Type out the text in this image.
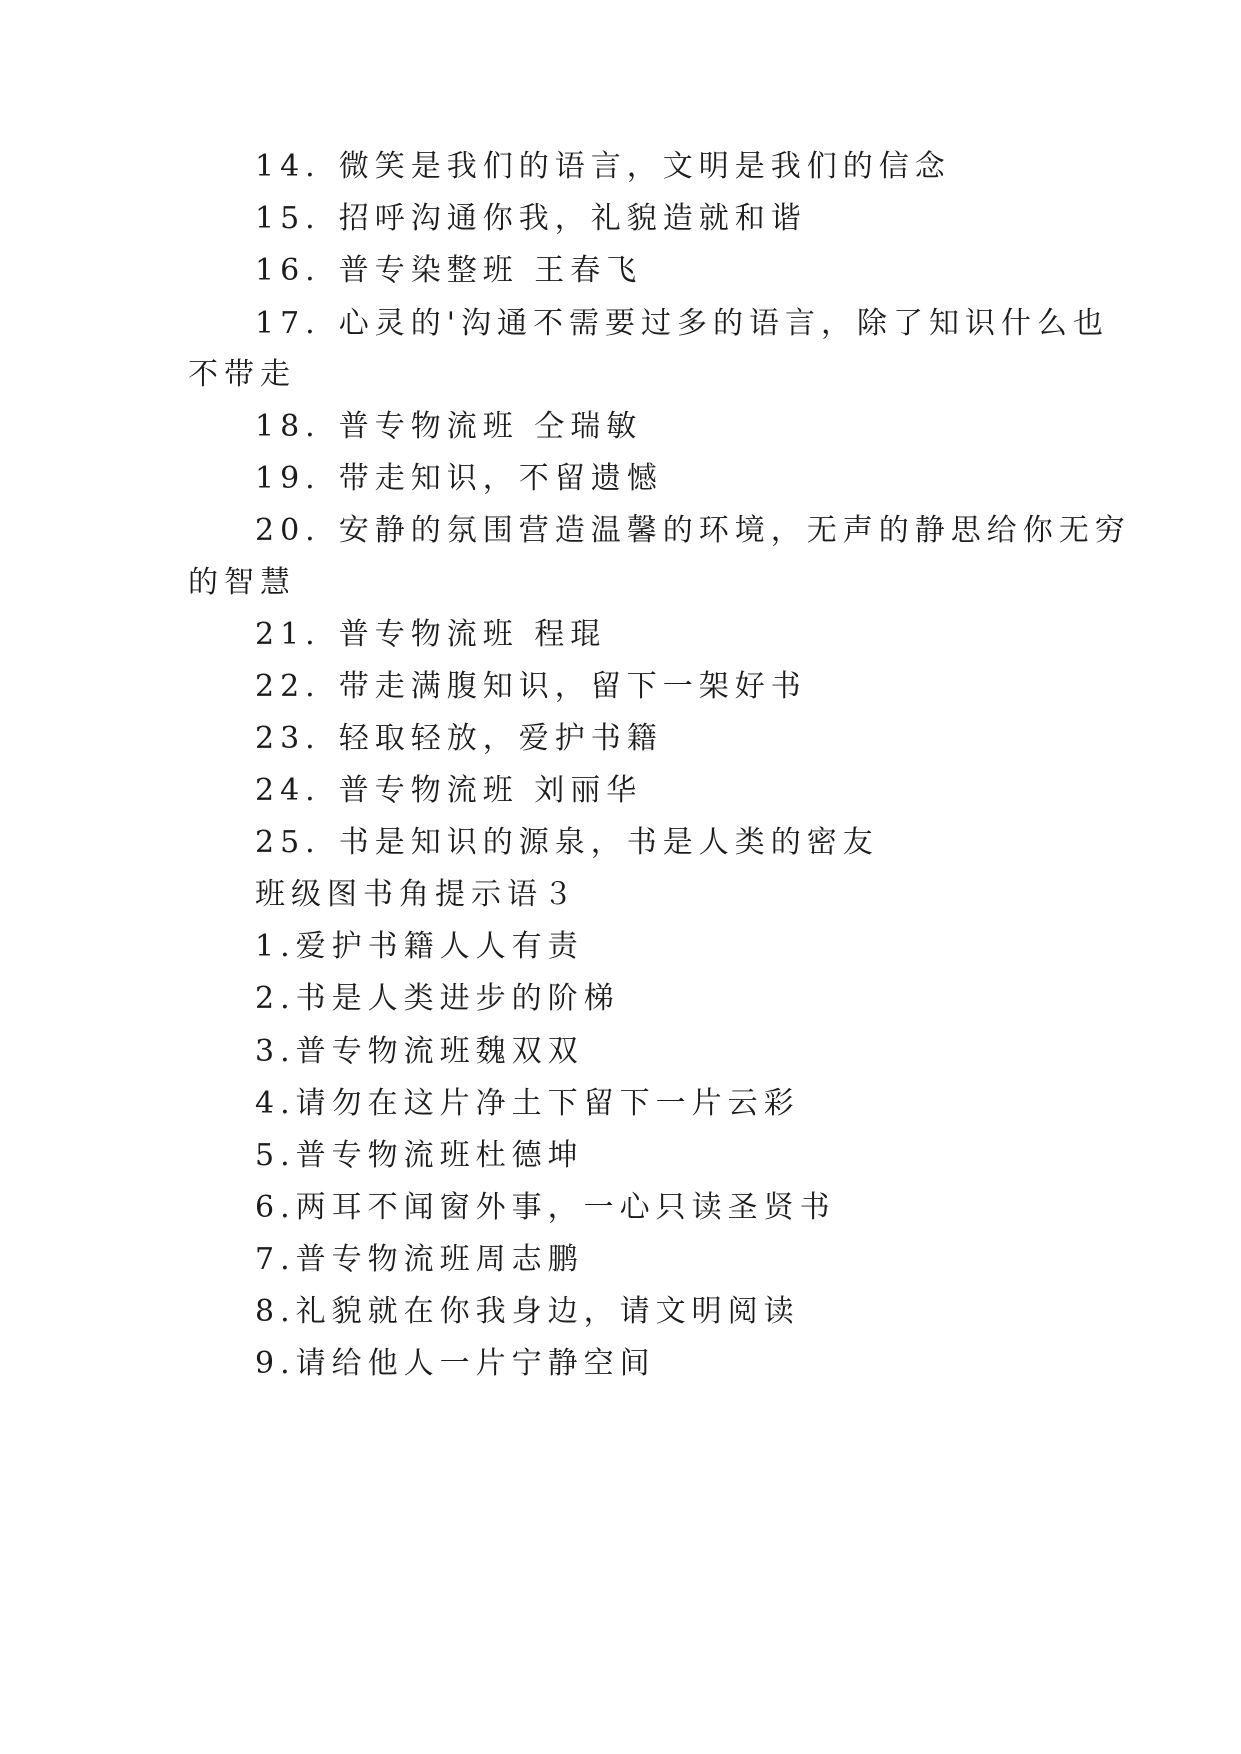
14. 微笑是我们的语言，文明是我们的信念
15. 招呼沟通你我，礼貌造就和谐
16. 普专染整班 王春飞
17. 心灵的'沟通不需要过多的语言，除了知识什么也
不带走
18. 普专物流班 仝瑞敏
19. 带走知识，不留遗憾
20. 安静的氛围营造温馨的环境，无声的静思给你无穷
的智慧
21. 普专物流班 程琨
22. 带走满腹知识，留下一架好书
23. 轻取轻放，爱护书籍
24. 普专物流班 刘丽华
25. 书是知识的源泉，书是人类的密友
班级图书角提示语３
1.爱护书籍人人有责
2.书是人类进步的阶梯
3.普专物流班魏双双
4.请勿在这片净土下留下一片云彩
5.普专物流班杜德坤
6.两耳不闻窗外事，一心只读圣贤书
7.普专物流班周志鹏
8.礼貌就在你我身边，请文明阅读
9.请给他人一片宁静空间
